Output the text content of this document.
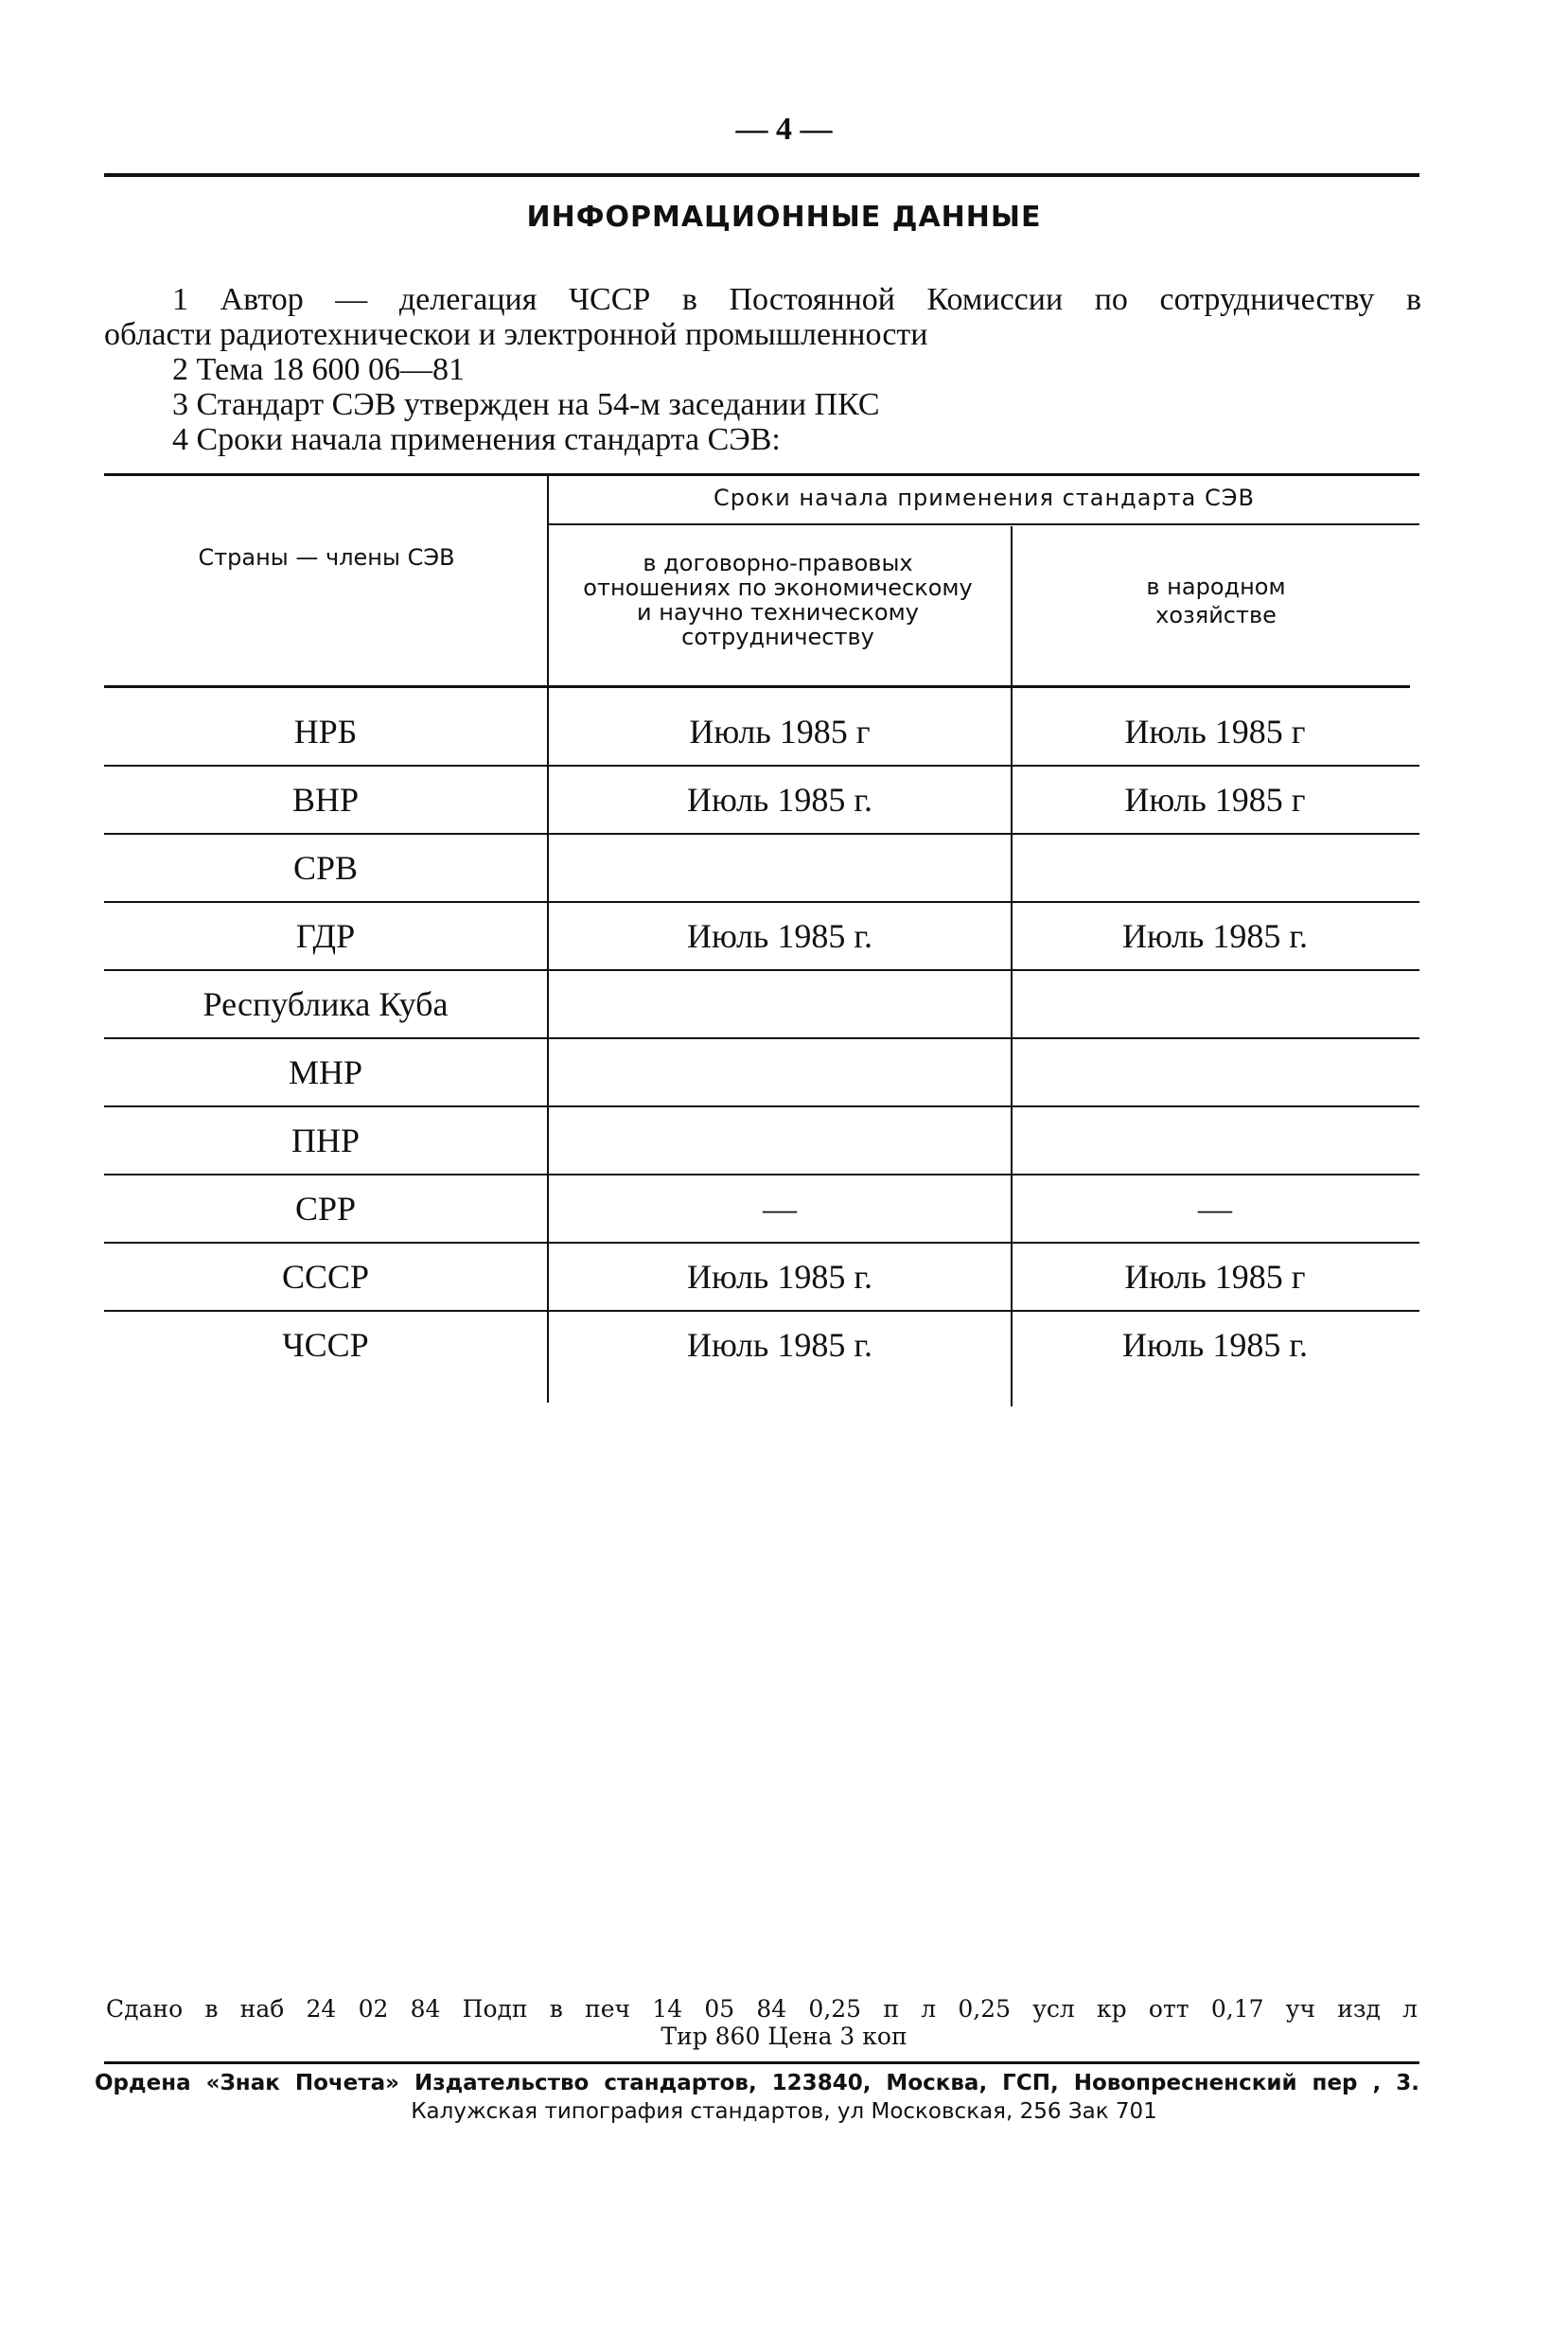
— 4 —
ИНФОРМАЦИОННЫЕ ДАННЫЕ
1 Автор — делегация ЧССР в Постоянной Комиссии по сотрудничеству в
области радиотехническои и электронной промышленности
2 Тема 18 600 06—81
3 Стандарт СЭВ утвержден на 54-м заседании ПКС
4 Сроки начала применения стандарта СЭВ:
Сроки начала применения стандарта СЭВ
Страны — члены СЭВ	в договорно-правовых отношениях по экономическому и научно техническому сотрудничеству
в народном хозяйстве
НРБ	Июль 1985 г	Июль 1985 г
ВНР	Июль 1985 г.	Июль 1985 г
СРВ
ГДР	Июль 1985 г.	Июль 1985 г.
Республика Куба
МНР
ПНР
СРР	—	—
СССР	Июль 1985 г.	Июль 1985 г
ЧССР	Июль 1985 г.	Июль 1985 г.
Сдано в наб 24 02 84 Подп в печ 14 05 84 0,25 п л 0,25 усл кр отт 0,17 уч изд л
Тир 860 Цена 3 коп
Ордена «Знак Почета» Издательство стандартов, 123840, Москва, ГСП, Новопресненский пер , 3.
Калужская типография стандартов, ул Московская, 256 Зак 701
